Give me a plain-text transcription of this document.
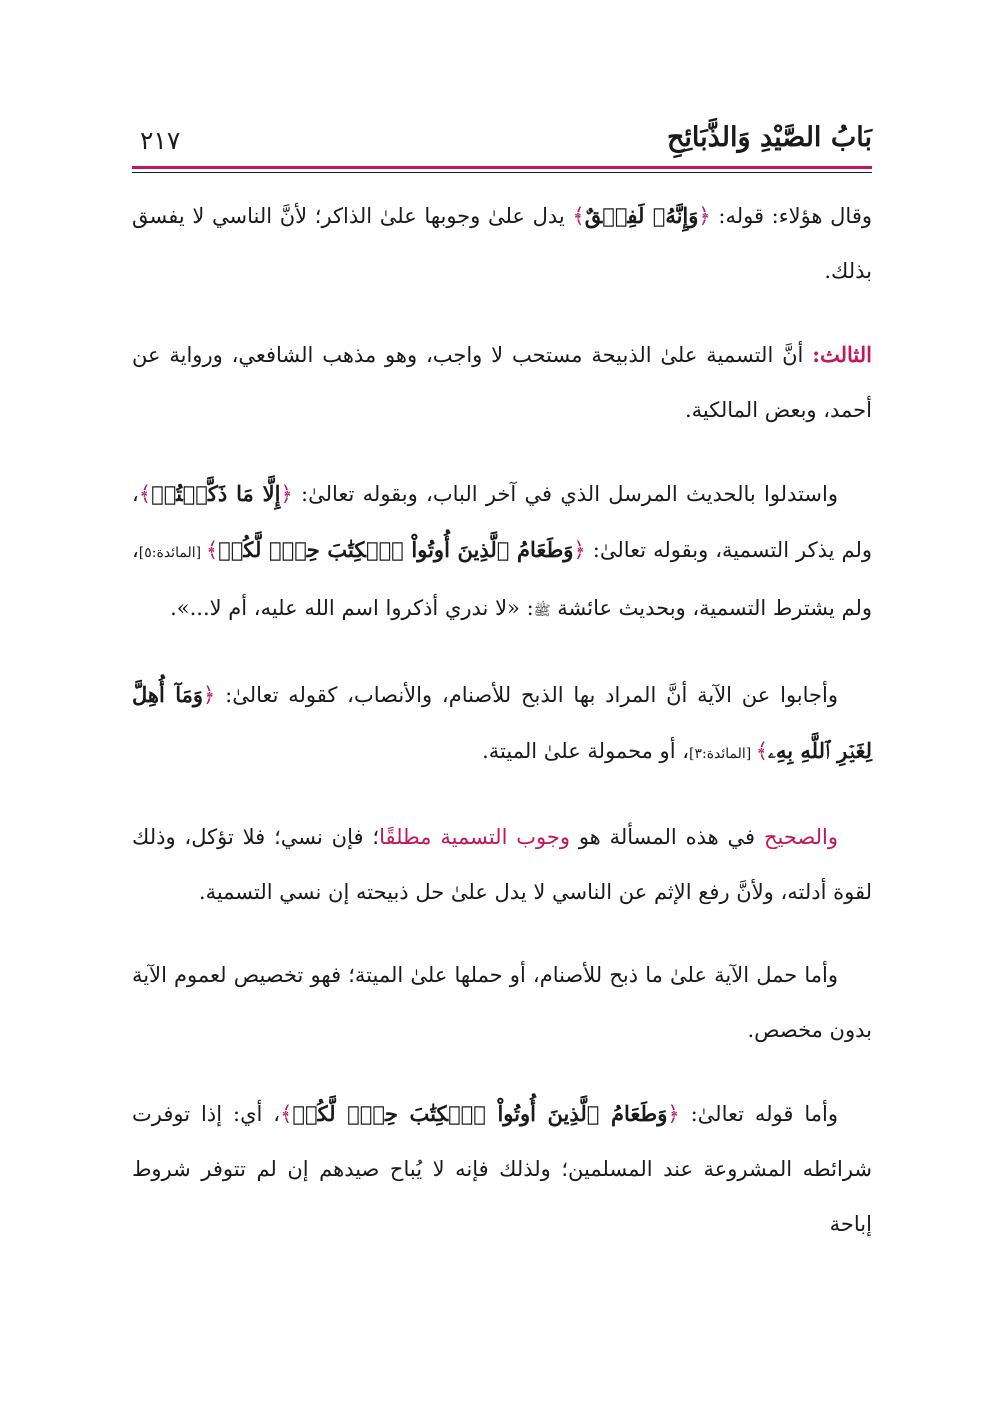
بَابُ الصَّيْدِ وَالذَّبَائِحِ
٢١٧

وقال هؤلاء: قوله: ﴿وَإِنَّهُۥ لَفِسۡقٌ﴾ يدل علىٰ وجوبها علىٰ الذاكر؛ لأنَّ الناسي لا يفسق بذلك.

الثالث: أنَّ التسمية علىٰ الذبيحة مستحب لا واجب، وهو مذهب الشافعي، ورواية عن أحمد، وبعض المالكية.

واستدلوا بالحديث المرسل الذي في آخر الباب، وبقوله تعالىٰ: ﴿إِلَّا مَا ذَكَّيۡتُمۡ﴾، ولم يذكر التسمية، وبقوله تعالىٰ: ﴿وَطَعَامُ ٱلَّذِينَ أُوتُواْ ٱلۡكِتَٰبَ حِلّٞ لَّكُمۡ﴾ [المائدة:٥]، ولم يشترط التسمية، وبحديث عائشة ﷺ: «لا ندري أذكروا اسم الله عليه، أم لا...».

وأجابوا عن الآية أنَّ المراد بها الذبح للأصنام، والأنصاب، كقوله تعالىٰ: ﴿وَمَآ أُهِلَّ لِغَيۡرِ ٱللَّهِ بِهِۦ﴾ [المائدة:٣]، أو محمولة علىٰ الميتة.

والصحيح في هذه المسألة هو وجوب التسمية مطلقًا؛ فإن نسي؛ فلا تؤكل، وذلك لقوة أدلته، ولأنَّ رفع الإثم عن الناسي لا يدل علىٰ حل ذبيحته إن نسي التسمية.

وأما حمل الآية علىٰ ما ذبح للأصنام، أو حملها علىٰ الميتة؛ فهو تخصيص لعموم الآية بدون مخصص.

وأما قوله تعالىٰ: ﴿وَطَعَامُ ٱلَّذِينَ أُوتُواْ ٱلۡكِتَٰبَ حِلّٞ لَّكُمۡ﴾، أي: إذا توفرت شرائطه المشروعة عند المسلمين؛ ولذلك فإنه لا يُباح صيدهم إن لم تتوفر شروط إباحة
